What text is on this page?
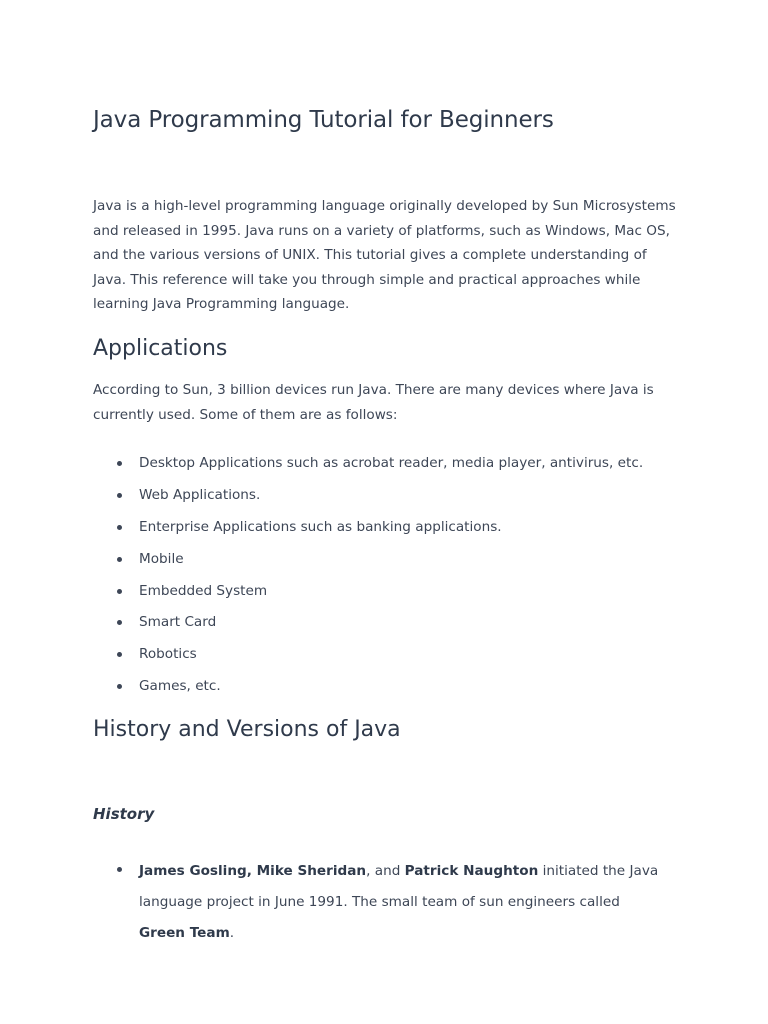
Java Programming Tutorial for Beginners

Java is a high-level programming language originally developed by Sun Microsystems and released in 1995. Java runs on a variety of platforms, such as Windows, Mac OS, and the various versions of UNIX. This tutorial gives a complete understanding of Java. This reference will take you through simple and practical approaches while learning Java Programming language.

Applications

According to Sun, 3 billion devices run Java. There are many devices where Java is currently used. Some of them are as follows:

Desktop Applications such as acrobat reader, media player, antivirus, etc.
Web Applications.
Enterprise Applications such as banking applications.
Mobile
Embedded System
Smart Card
Robotics
Games, etc.
History and Versions of Java
History
James Gosling, Mike Sheridan, and Patrick Naughton initiated the Java language project in June 1991. The small team of sun engineers called Green Team.
